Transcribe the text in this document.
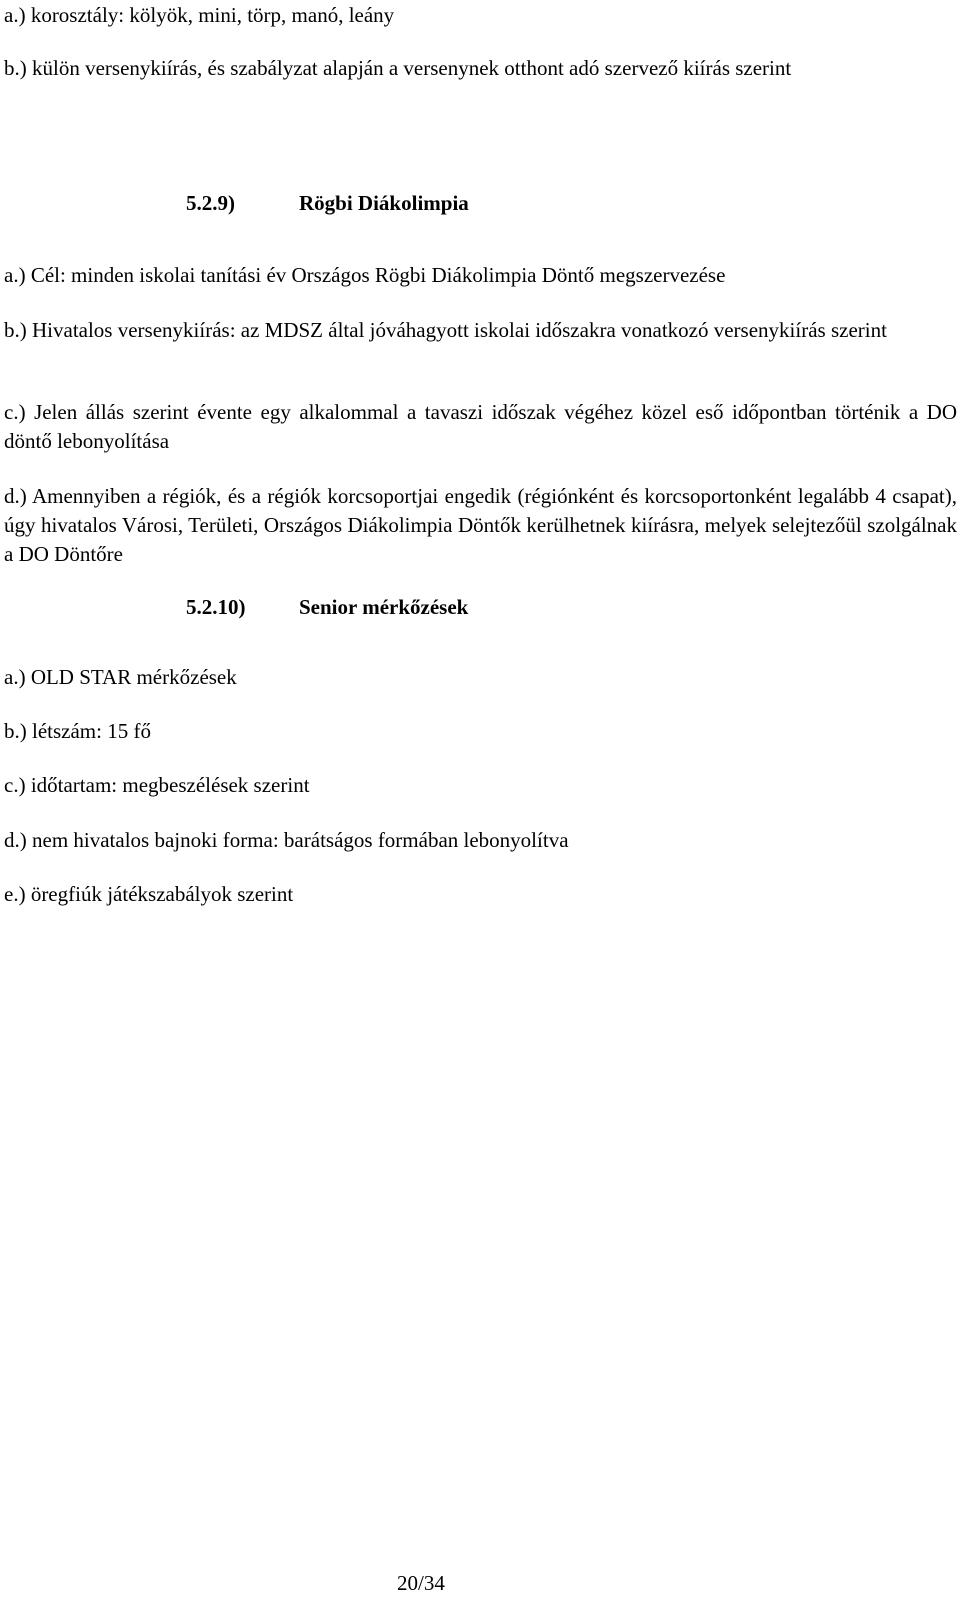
a.) korosztály: kölyök, mini, törp, manó, leány
b.) külön versenykiírás, és szabályzat alapján a versenynek otthont adó szervező kiírás szerint
5.2.9)	Rögbi Diákolimpia
a.) Cél: minden iskolai tanítási év Országos Rögbi Diákolimpia Döntő megszervezése
b.) Hivatalos versenykiírás: az MDSZ által jóváhagyott iskolai időszakra vonatkozó versenykiírás szerint
c.) Jelen állás szerint évente egy alkalommal a tavaszi időszak végéhez közel eső időpontban történik a DO döntő lebonyolítása
d.) Amennyiben a régiók, és a régiók korcsoportjai engedik (régiónként és korcsoportonként legalább 4 csapat), úgy hivatalos Városi, Területi, Országos Diákolimpia Döntők kerülhetnek kiírásra, melyek selejtezőül szolgálnak a DO Döntőre
5.2.10)	Senior mérkőzések
a.) OLD STAR mérkőzések
b.) létszám: 15 fő
c.) időtartam: megbeszélések szerint
d.) nem hivatalos bajnoki forma: barátságos formában lebonyolítva
e.) öregfiúk játékszabályok szerint
20/34
